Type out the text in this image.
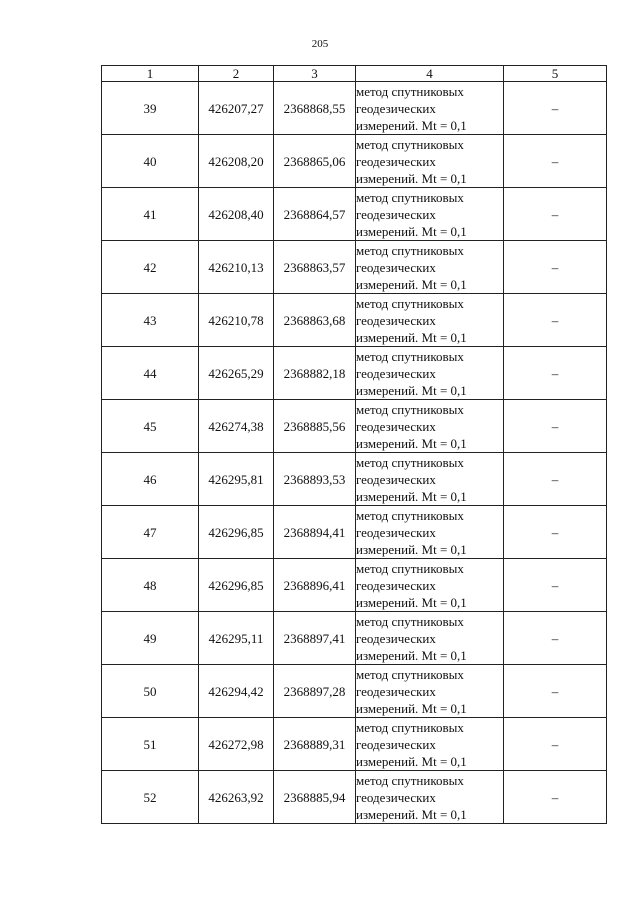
205
1	2	3	4	5
39	426207,27	2368868,55	метод спутниковых
геодезических
измерений. Mt = 0,1	–
40	426208,20	2368865,06	метод спутниковых
геодезических
измерений. Mt = 0,1	–
41	426208,40	2368864,57	метод спутниковых
геодезических
измерений. Mt = 0,1	–
42	426210,13	2368863,57	метод спутниковых
геодезических
измерений. Mt = 0,1	–
43	426210,78	2368863,68	метод спутниковых
геодезических
измерений. Mt = 0,1	–
44	426265,29	2368882,18	метод спутниковых
геодезических
измерений. Mt = 0,1	–
45	426274,38	2368885,56	метод спутниковых
геодезических
измерений. Mt = 0,1	–
46	426295,81	2368893,53	метод спутниковых
геодезических
измерений. Mt = 0,1	–
47	426296,85	2368894,41	метод спутниковых
геодезических
измерений. Mt = 0,1	–
48	426296,85	2368896,41	метод спутниковых
геодезических
измерений. Mt = 0,1	–
49	426295,11	2368897,41	метод спутниковых
геодезических
измерений. Mt = 0,1	–
50	426294,42	2368897,28	метод спутниковых
геодезических
измерений. Mt = 0,1	–
51	426272,98	2368889,31	метод спутниковых
геодезических
измерений. Mt = 0,1	–
52	426263,92	2368885,94	метод спутниковых
геодезических
измерений. Mt = 0,1	–
